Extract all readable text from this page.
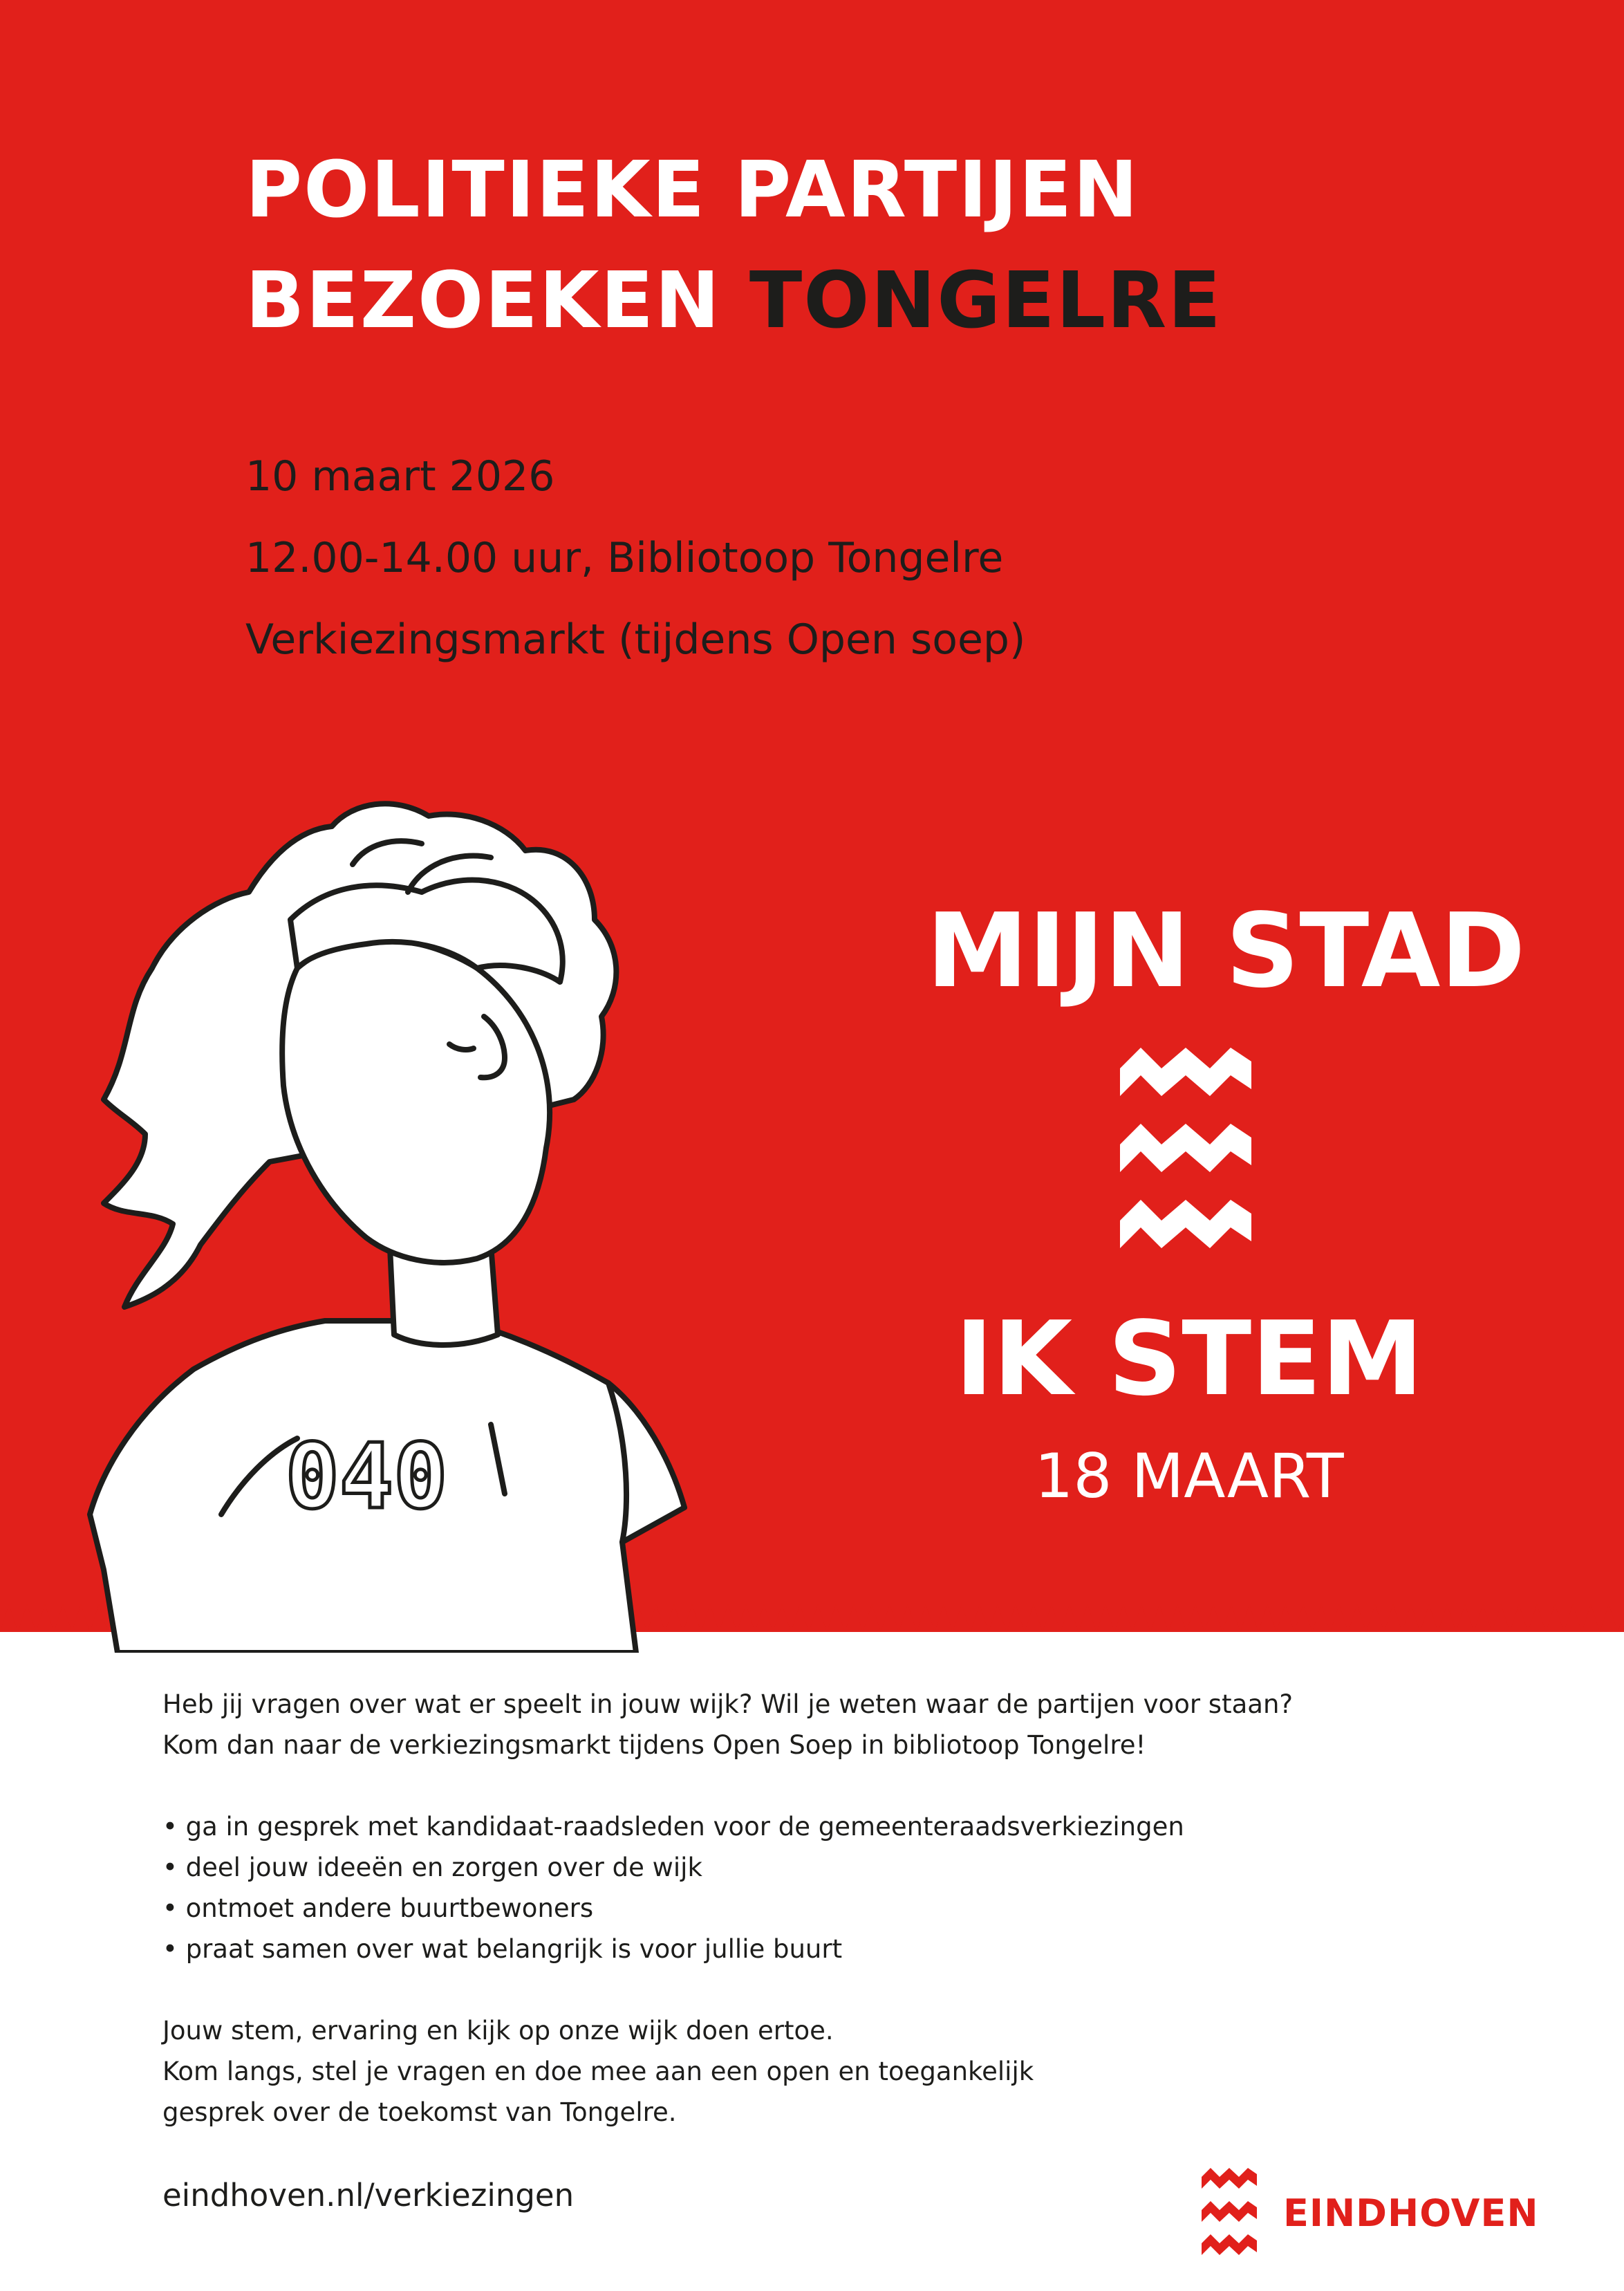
POLITIEKE PARTIJEN
BEZOEKEN TONGELRE
10 maart 2026
12.00-14.00 uur, Bibliotoop Tongelre
Verkiezingsmarkt (tijdens Open soep)
040
MIJN STAD
IK STEM
18 MAART

Heb jij vragen over wat er speelt in jouw wijk? Wil je weten waar de partijen voor staan?

Kom dan naar de verkiezingsmarkt tijdens Open Soep in bibliotoop Tongelre!

• ga in gesprek met kandidaat-raadsleden voor de gemeenteraadsverkiezingen

• deel jouw ideeën en zorgen over de wijk

• ontmoet andere buurtbewoners

• praat samen over wat belangrijk is voor jullie buurt

Jouw stem, ervaring en kijk op onze wijk doen ertoe.

Kom langs, stel je vragen en doe mee aan een open en toegankelijk

gesprek over de toekomst van Tongelre.

eindhoven.nl/verkiezingen	EINDHOVEN
